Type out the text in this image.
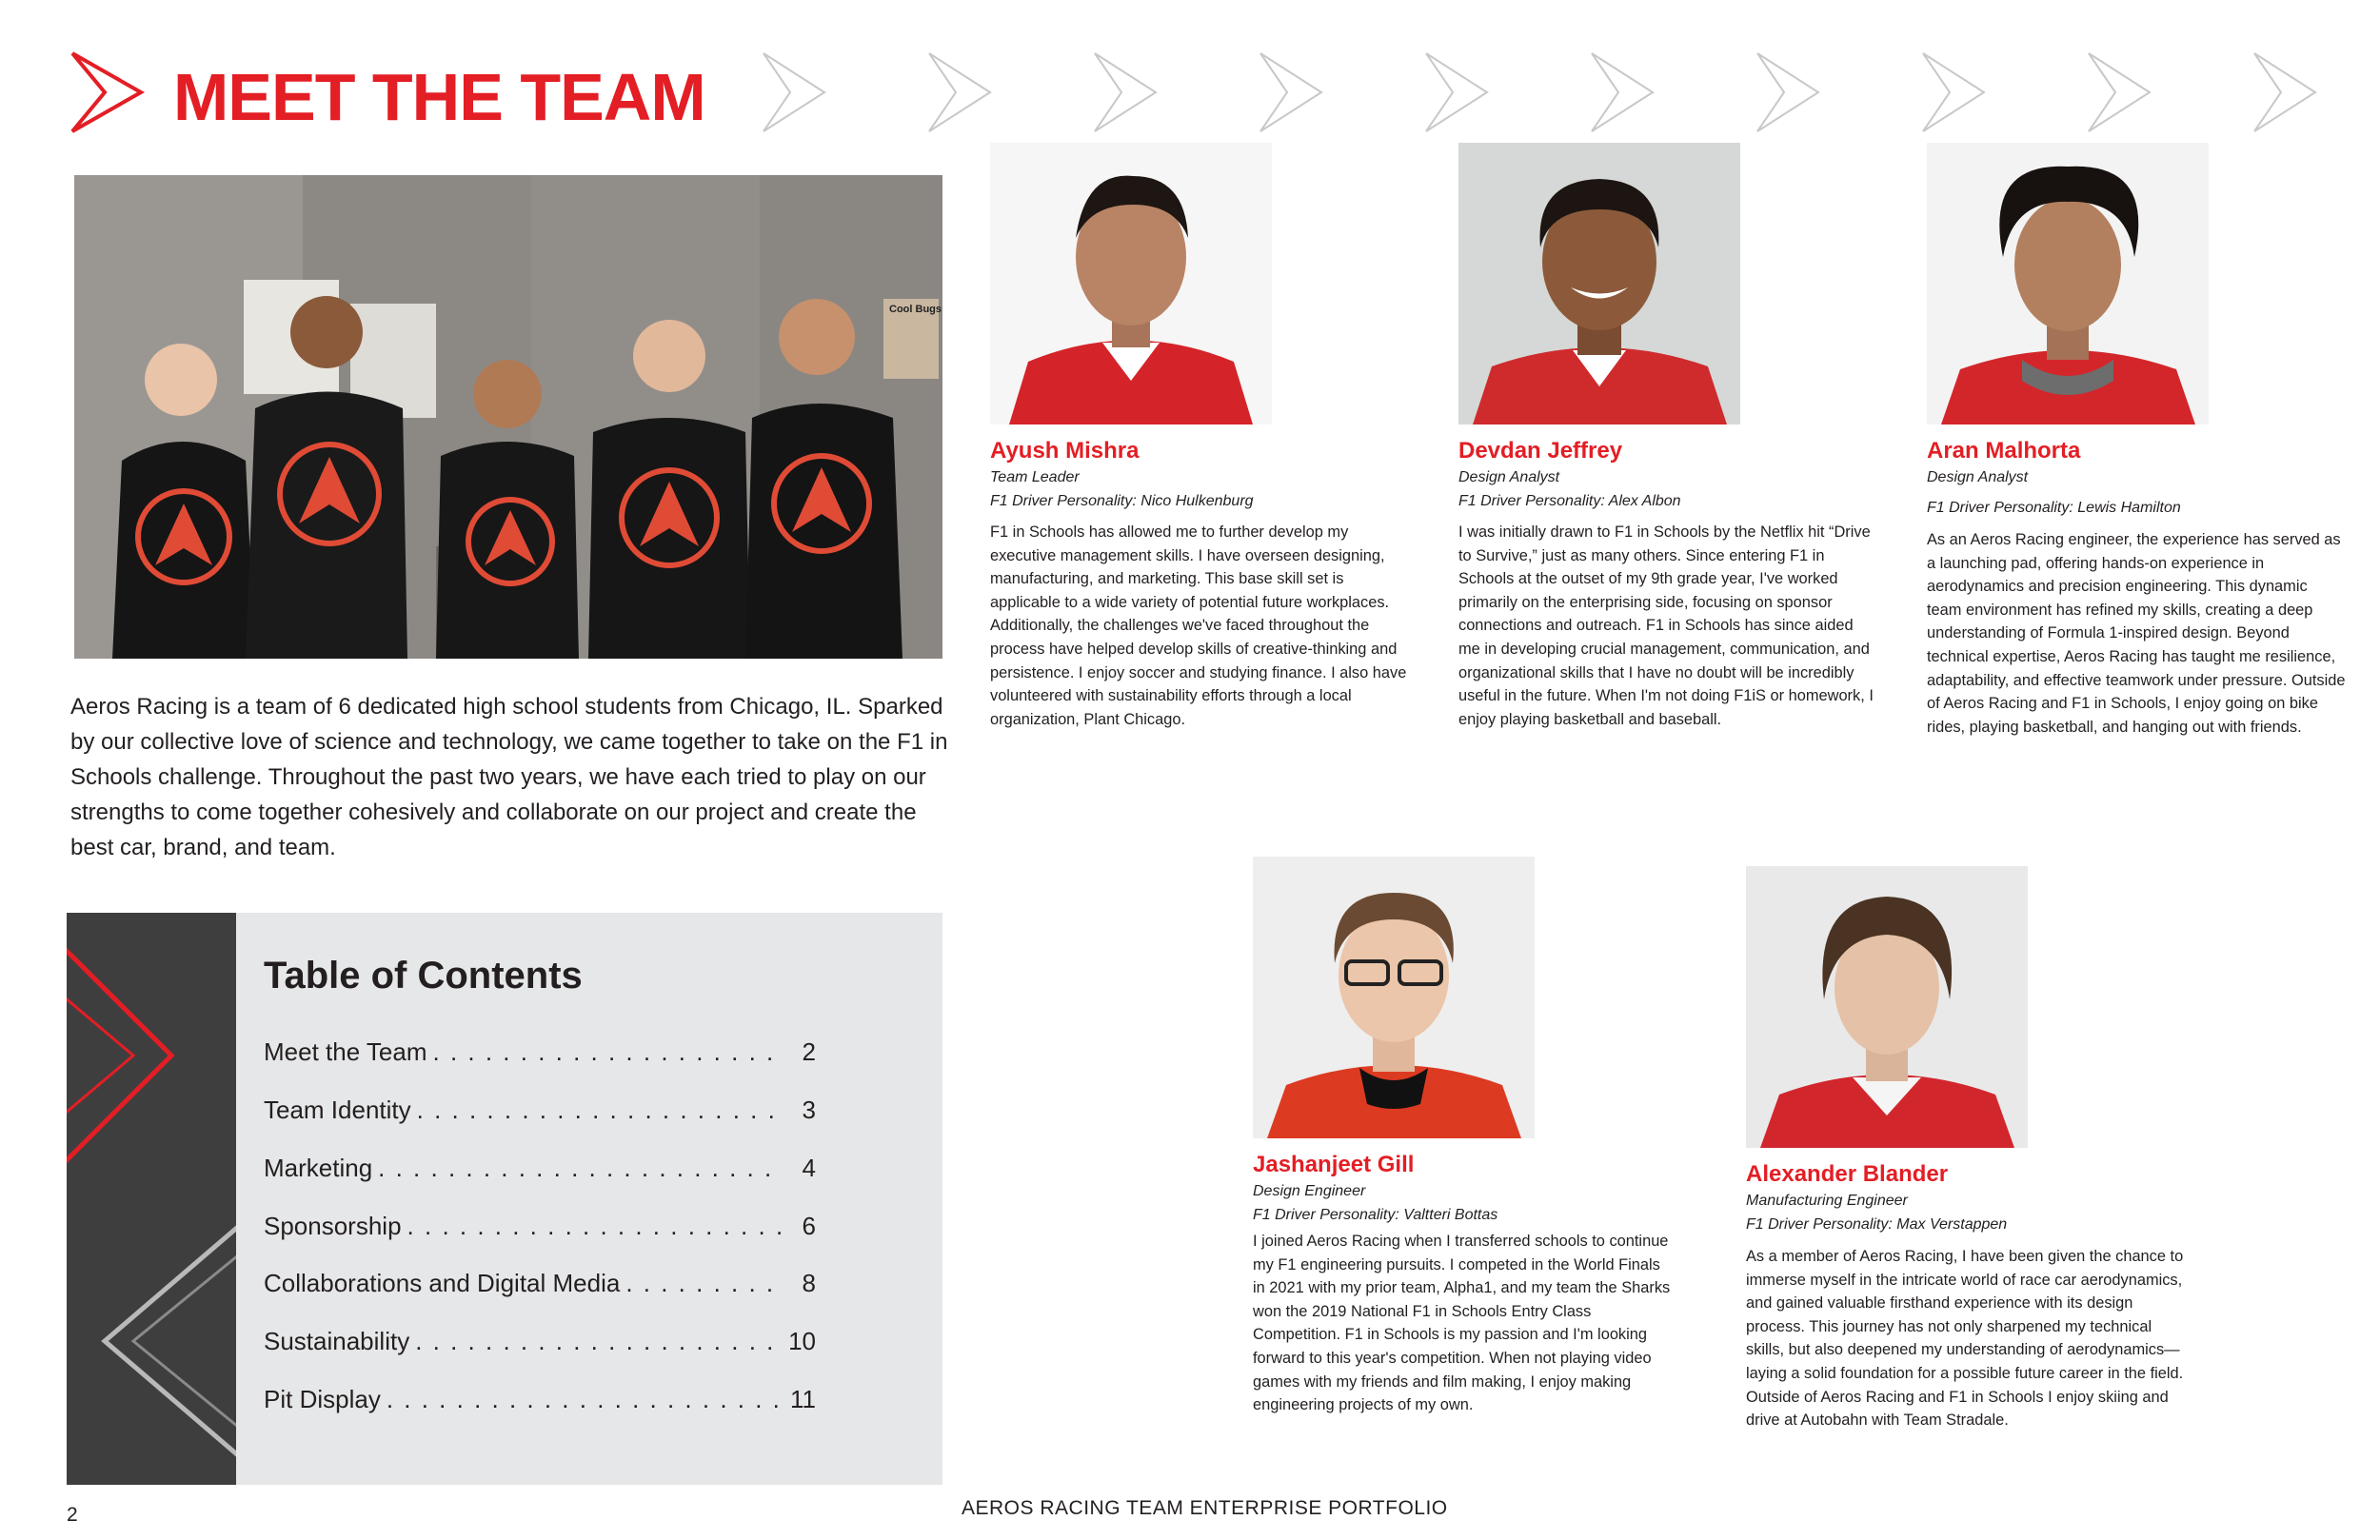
MEET THE TEAM
Cool Bugs

Aeros Racing is a team of 6 dedicated high school students from Chicago, IL. Sparked by our collective love of science and technology, we came together to take on the F1 in Schools challenge. Throughout the past two years, we have each tried to play on our strengths to come together cohesively and collaborate on our project and create the best car, brand, and team.

Table of Contents
Meet the Team . . .	2
Team Identity . . .	3
Marketing . . .	4
Sponsorship . . .	6
Collaborations and Digital Media . . .	8
Sustainability . . .	10
Pit Display . . .	11
Ayush Mishra
Team Leader
F1 Driver Personality: Nico Hulkenburg
F1 in Schools has allowed me to further develop my executive management skills. I have overseen designing, manufacturing, and marketing. This base skill set is applicable to a wide variety of potential future workplaces. Additionally, the challenges we've faced throughout the process have helped develop skills of creative-thinking and persistence. I enjoy soccer and studying finance. I also have volunteered with sustainability efforts through a local organization, Plant Chicago.
Devdan Jeffrey
Design Analyst
F1 Driver Personality: Alex Albon
I was initially drawn to F1 in Schools by the Netflix hit “Drive to Survive,” just as many others. Since entering F1 in Schools at the outset of my 9th grade year, I've worked primarily on the enterprising side, focusing on sponsor connections and outreach. F1 in Schools has since aided me in developing crucial management, communication, and organizational skills that I have no doubt will be incredibly useful in the future. When I'm not doing F1iS or homework, I enjoy playing basketball and baseball.
Aran Malhorta
Design Analyst
F1 Driver Personality: Lewis Hamilton
As an Aeros Racing engineer, the experience has served as a launching pad, offering hands-on experience in aerodynamics and precision engineering. This dynamic team environment has refined my skills, creating a deep understanding of Formula 1-inspired design. Beyond technical expertise, Aeros Racing has taught me resilience, adaptability, and effective teamwork under pressure. Outside of Aeros Racing and F1 in Schools, I enjoy going on bike rides, playing basketball, and hanging out with friends.
Jashanjeet Gill
Design Engineer
F1 Driver Personality: Valtteri Bottas
I joined Aeros Racing when I transferred schools to continue my F1 engineering pursuits. I competed in the World Finals in 2021 with my prior team, Alpha1, and my team the Sharks won the 2019 National F1 in Schools Entry Class Competition. F1 in Schools is my passion and I'm looking forward to this year's competition. When not playing video games with my friends and film making, I enjoy making engineering projects of my own.
Alexander Blander
Manufacturing Engineer
F1 Driver Personality: Max Verstappen
As a member of Aeros Racing, I have been given the chance to immerse myself in the intricate world of race car aerodynamics, and gained valuable firsthand experience with its design process. This journey has not only sharpened my technical skills, but also deepened my understanding of aerodynamics—laying a solid foundation for a possible future career in the field. Outside of Aeros Racing and F1 in Schools I enjoy skiing and drive at Autobahn with Team Stradale.
2	AEROS RACING TEAM ENTERPRISE PORTFOLIO
